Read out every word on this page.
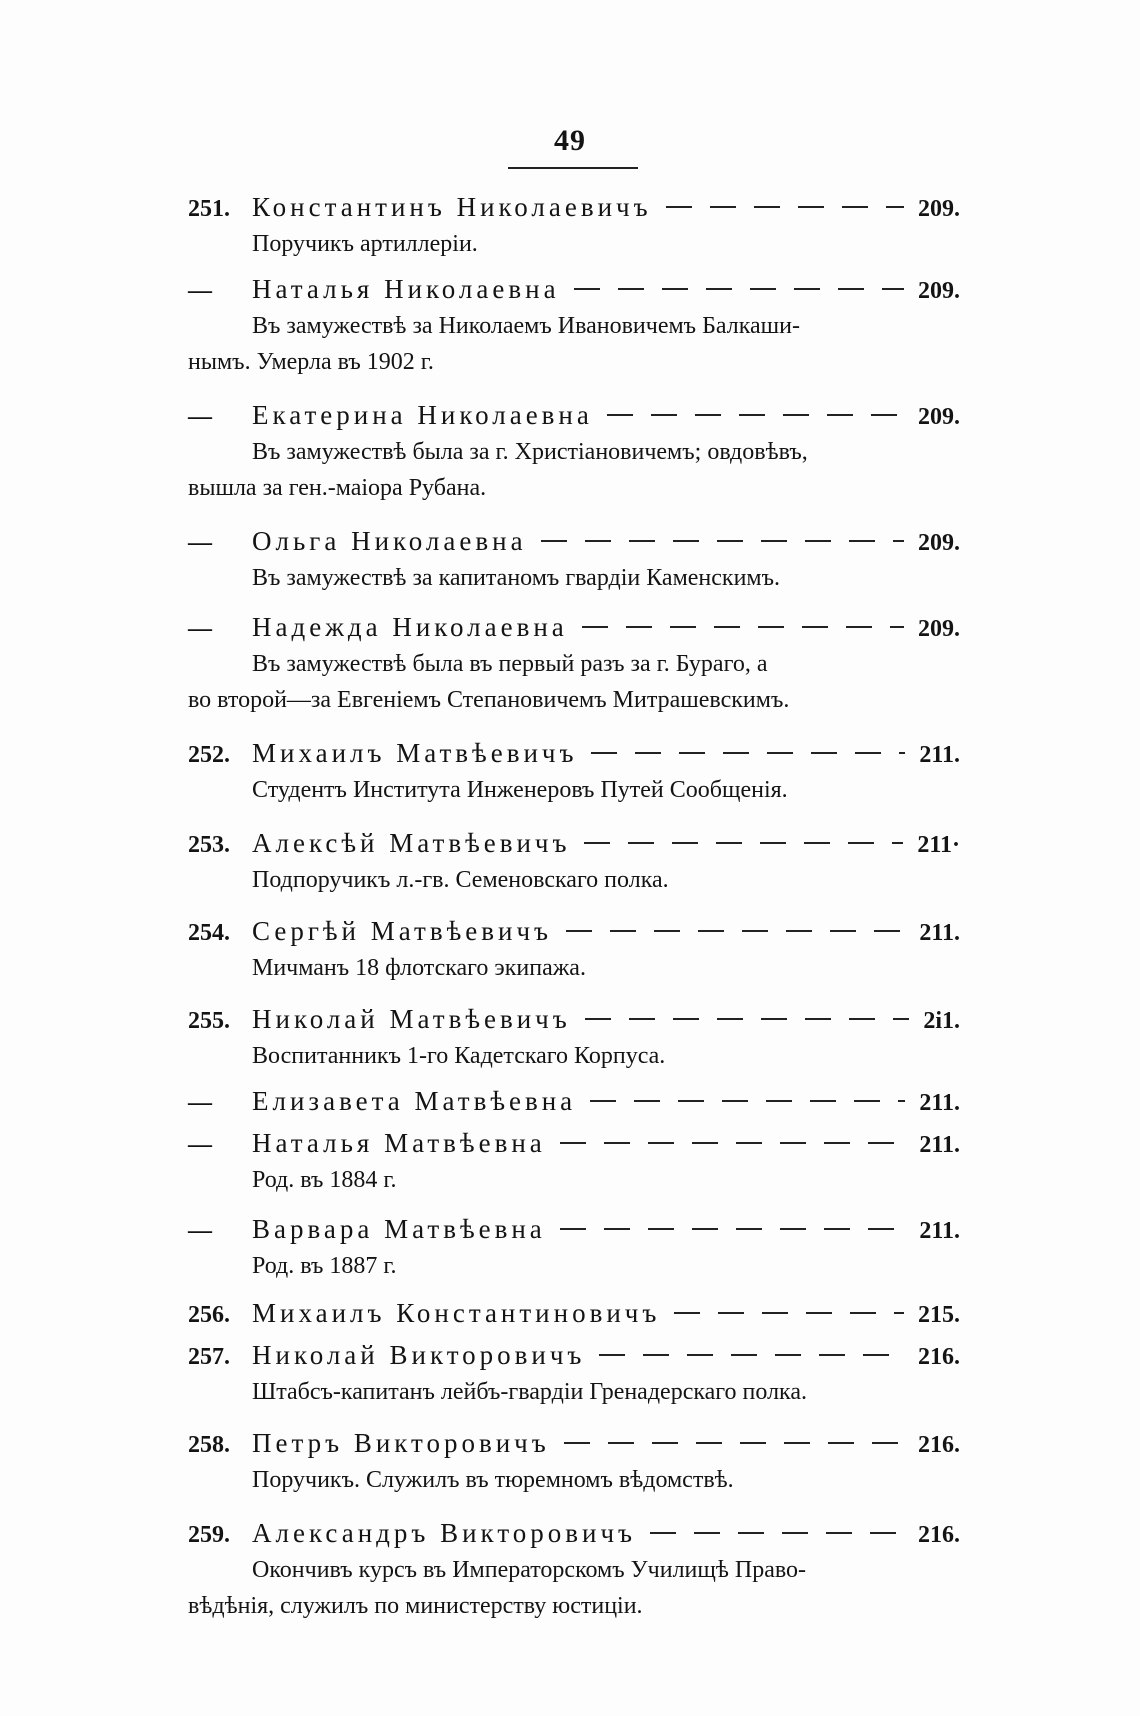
49
251. Константинъ Николаевичъ	209.
Поручикъ артиллеріи.
—	Наталья Николаевна	209.
Въ замужествѣ за Николаемъ Ивановичемъ Балкаши-
нымъ. Умерла въ 1902 г.
—	Екатерина Николаевна	209.
Въ замужествѣ была за г. Христіановичемъ; овдовѣвъ,
вышла за ген.-маіора Рубана.
—	Ольга Николаевна	209.
Въ замужествѣ за капитаномъ гвардіи Каменскимъ.
—	Надежда Николаевна	209.
Въ замужествѣ была въ первый разъ за г. Бураго, а
во второй—за Евгеніемъ Степановичемъ Митрашевскимъ.
252. Михаилъ Матвѣевичъ	211.
Студентъ Института Инженеровъ Путей Сообщенія.
253. Алексѣй Матвѣевичъ	211·
Подпоручикъ л.-гв. Семеновскаго полка.
254. Сергѣй Матвѣевичъ	211.
Мичманъ 18 флотскаго экипажа.
255. Николай Матвѣевичъ	2і1.
Воспитанникъ 1-го Кадетскаго Корпуса.
—	Елизавета Матвѣевна	211.
—	Наталья Матвѣевна	211.
Род. въ 1884 г.
—	Варвара Матвѣевна	211.
Род. въ 1887 г.
256. Михаилъ Константиновичъ	215.
257. Николай Викторовичъ	216.
Штабсъ-капитанъ лейбъ-гвардіи Гренадерскаго полка.
258. Петръ Викторовичъ	216.
Поручикъ. Служилъ въ тюремномъ вѣдомствѣ.
259. Александръ Викторовичъ	216.
Окончивъ курсъ въ Императорскомъ Училищѣ Право-
вѣдѣнія, служилъ по министерству юстиціи.
